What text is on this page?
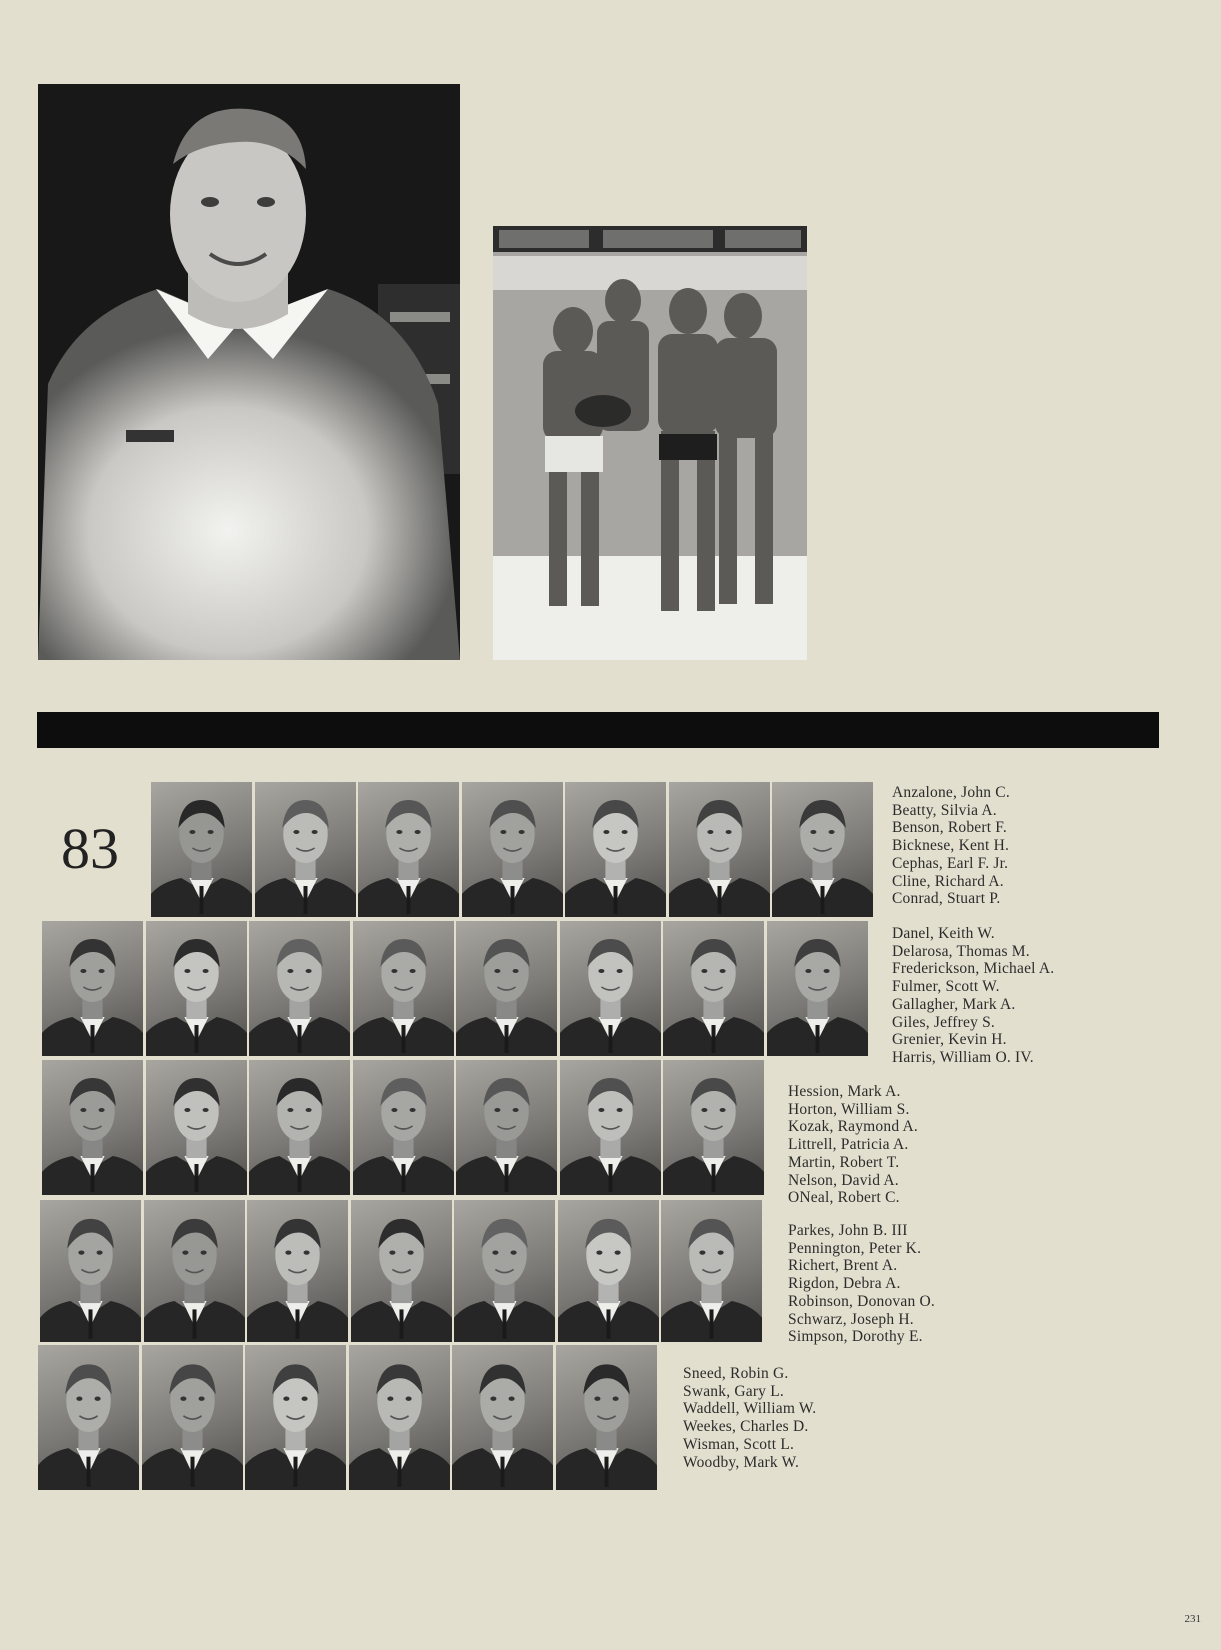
83
Anzalone, John C.
Beatty, Silvia A.
Benson, Robert F.
Bicknese, Kent H.
Cephas, Earl F. Jr.
Cline, Richard A.
Conrad, Stuart P.
Danel, Keith W.
Delarosa, Thomas M.
Frederickson, Michael A.
Fulmer, Scott W.
Gallagher, Mark A.
Giles, Jeffrey S.
Grenier, Kevin H.
Harris, William O. IV.
Hession, Mark A.
Horton, William S.
Kozak, Raymond A.
Littrell, Patricia A.
Martin, Robert T.
Nelson, David A.
ONeal, Robert C.
Parkes, John B. III
Pennington, Peter K.
Richert, Brent A.
Rigdon, Debra A.
Robinson, Donovan O.
Schwarz, Joseph H.
Simpson, Dorothy E.
Sneed, Robin G.
Swank, Gary L.
Waddell, William W.
Weekes, Charles D.
Wisman, Scott L.
Woodby, Mark W.
231
